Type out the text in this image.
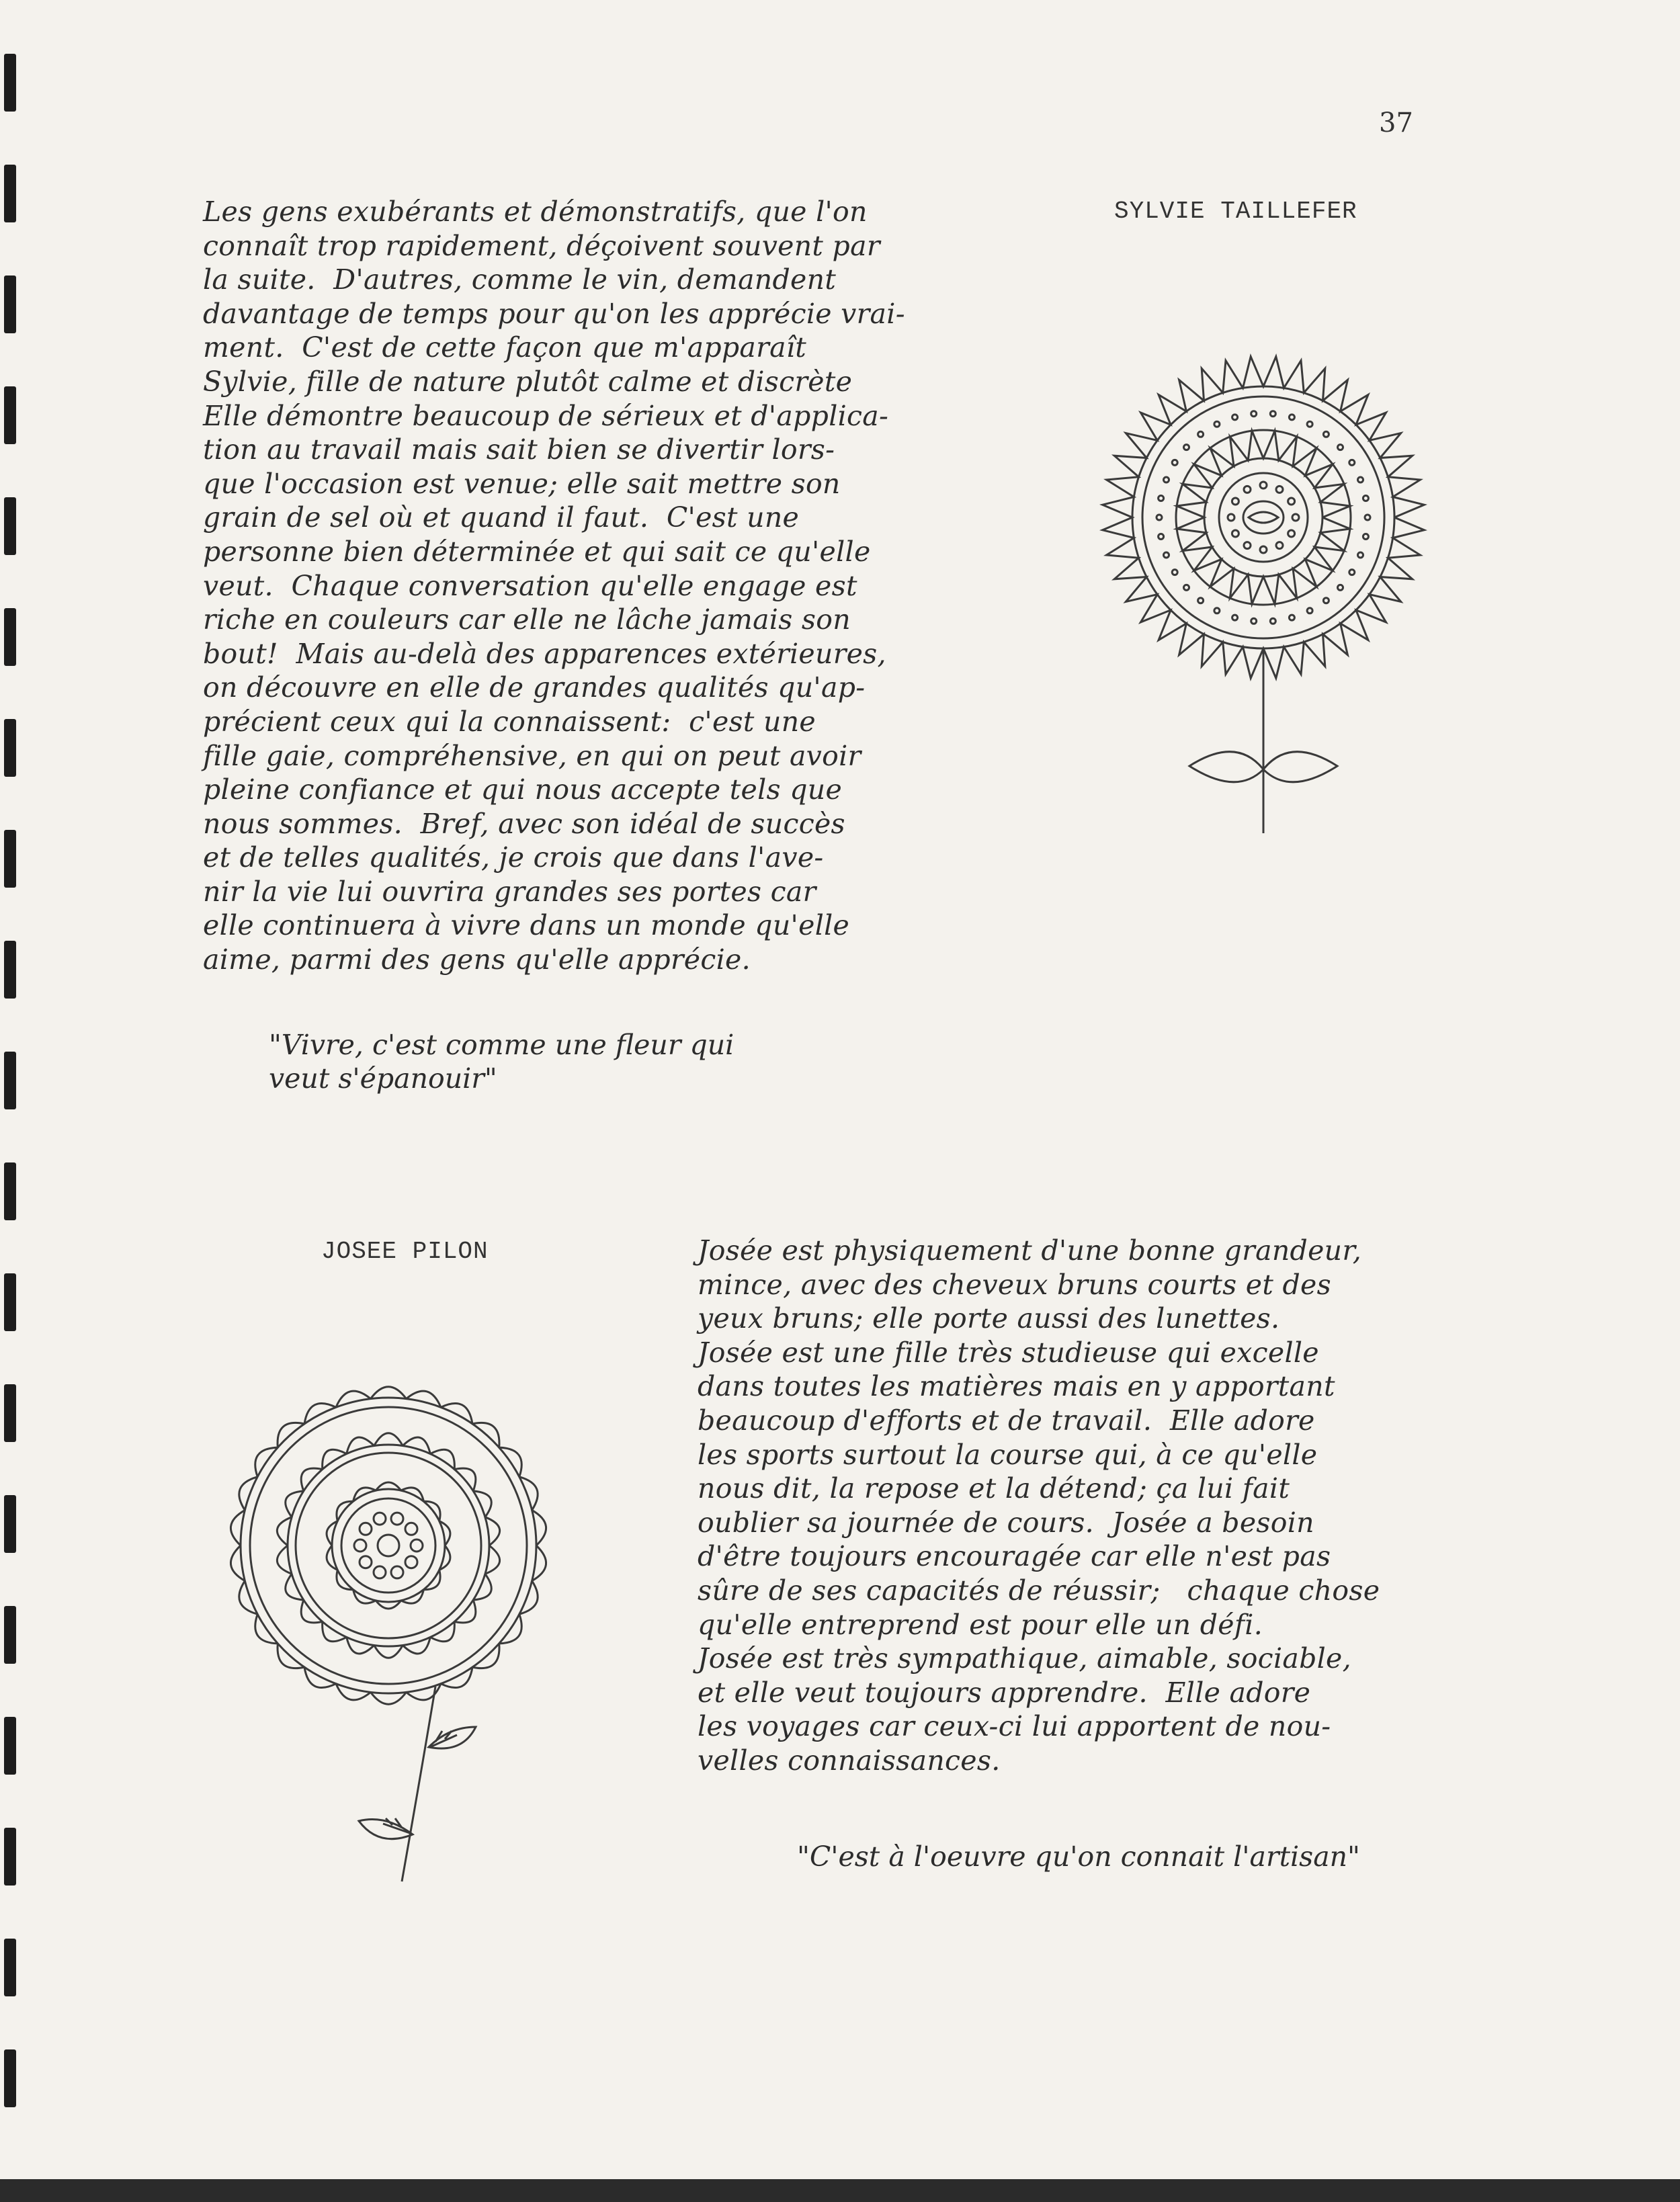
37
SYLVIE TAILLEFER
Les gens exubérants et démonstratifs, que l'on
connaît trop rapidement, déçoivent souvent par
la suite.  D'autres, comme le vin, demandent
davantage de temps pour qu'on les apprécie vrai-
ment.  C'est de cette façon que m'apparaît
Sylvie, fille de nature plutôt calme et discrète
Elle démontre beaucoup de sérieux et d'applica-
tion au travail mais sait bien se divertir lors-
que l'occasion est venue; elle sait mettre son
grain de sel où et quand il faut.  C'est une
personne bien déterminée et qui sait ce qu'elle
veut.  Chaque conversation qu'elle engage est
riche en couleurs car elle ne lâche jamais son
bout!  Mais au-delà des apparences extérieures,
on découvre en elle de grandes qualités qu'ap-
précient ceux qui la connaissent:  c'est une
fille gaie, compréhensive, en qui on peut avoir
pleine confiance et qui nous accepte tels que
nous sommes.  Bref, avec son idéal de succès
et de telles qualités, je crois que dans l'ave-
nir la vie lui ouvrira grandes ses portes car
elle continuera à vivre dans un monde qu'elle
aime, parmi des gens qu'elle apprécie.
"Vivre, c'est comme une fleur qui
veut s'épanouir"
JOSEE PILON	Josée est physiquement d'une bonne grandeur,
mince, avec des cheveux bruns courts et des
yeux bruns; elle porte aussi des lunettes.
Josée est une fille très studieuse qui excelle
dans toutes les matières mais en y apportant
beaucoup d'efforts et de travail.  Elle adore
les sports surtout la course qui, à ce qu'elle
nous dit, la repose et la détend; ça lui fait
oublier sa journée de cours.  Josée a besoin
d'être toujours encouragée car elle n'est pas
sûre de ses capacités de réussir;   chaque chose
qu'elle entreprend est pour elle un défi.
Josée est très sympathique, aimable, sociable,
et elle veut toujours apprendre.  Elle adore
les voyages car ceux-ci lui apportent de nou-
velles connaissances.
"C'est à l'oeuvre qu'on connait l'artisan"
